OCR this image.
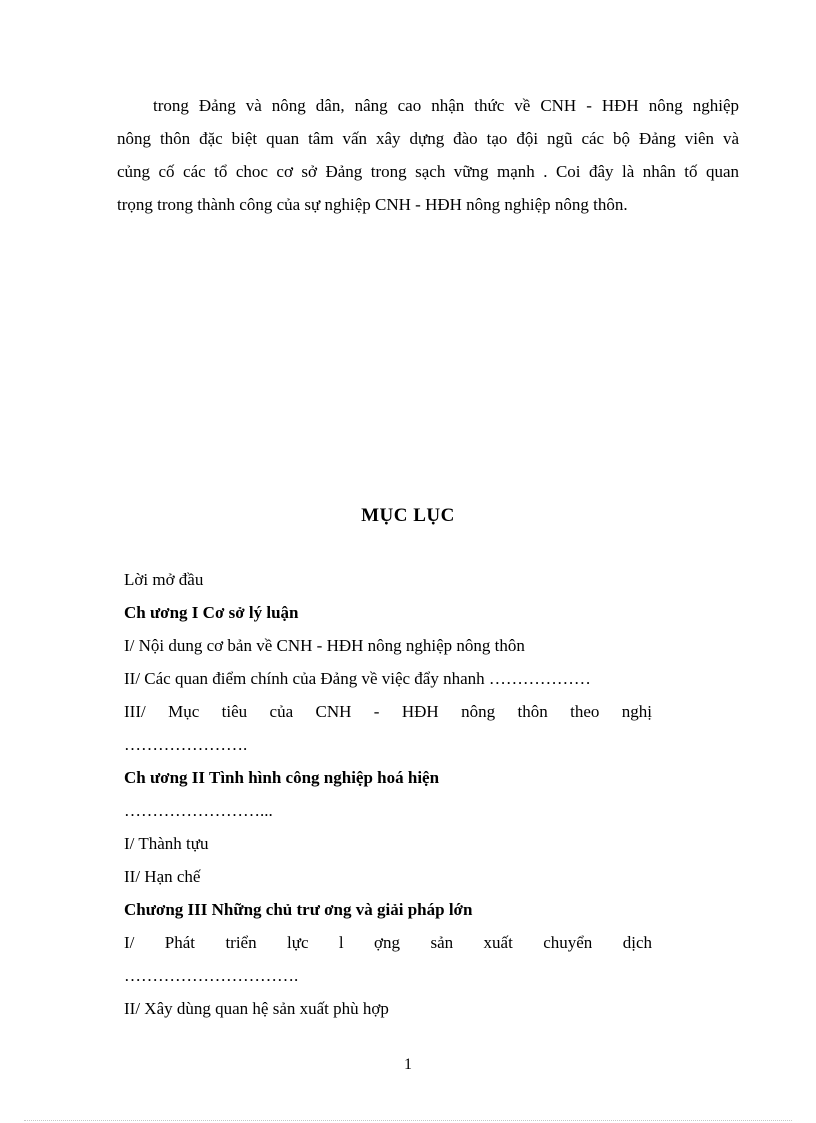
trong Đảng và nông dân, nâng cao nhận thức về CNH - HĐH nông nghiệp
nông thôn đặc biệt quan tâm vấn xây dựng đào tạo đội ngũ các bộ Đảng viên và
củng cố các tổ choc cơ sở Đảng trong sạch vững mạnh . Coi đây là nhân tố quan
trọng trong thành công của sự nghiệp CNH - HĐH nông nghiệp nông thôn.
MỤC LỤC
Lời mở đầu
Ch ương I Cơ sở lý luận
I/ Nội dung cơ bản về CNH - HĐH nông nghiệp nông thôn
II/ Các quan điểm chính của Đảng về việc đẩy nhanh ………………
III/ Mục tiêu của CNH - HĐH nông thôn theo nghị
………………….
Ch ương II Tình hình công nghiệp hoá hiện
……………………...
I/ Thành tựu
II/ Hạn chế
Chương III Những chủ trư ơng và giải pháp lớn
I/ Phát triển lực l ợng sản xuất chuyển dịch
………………………….
II/ Xây dùng quan hệ sản xuất phù hợp
1
